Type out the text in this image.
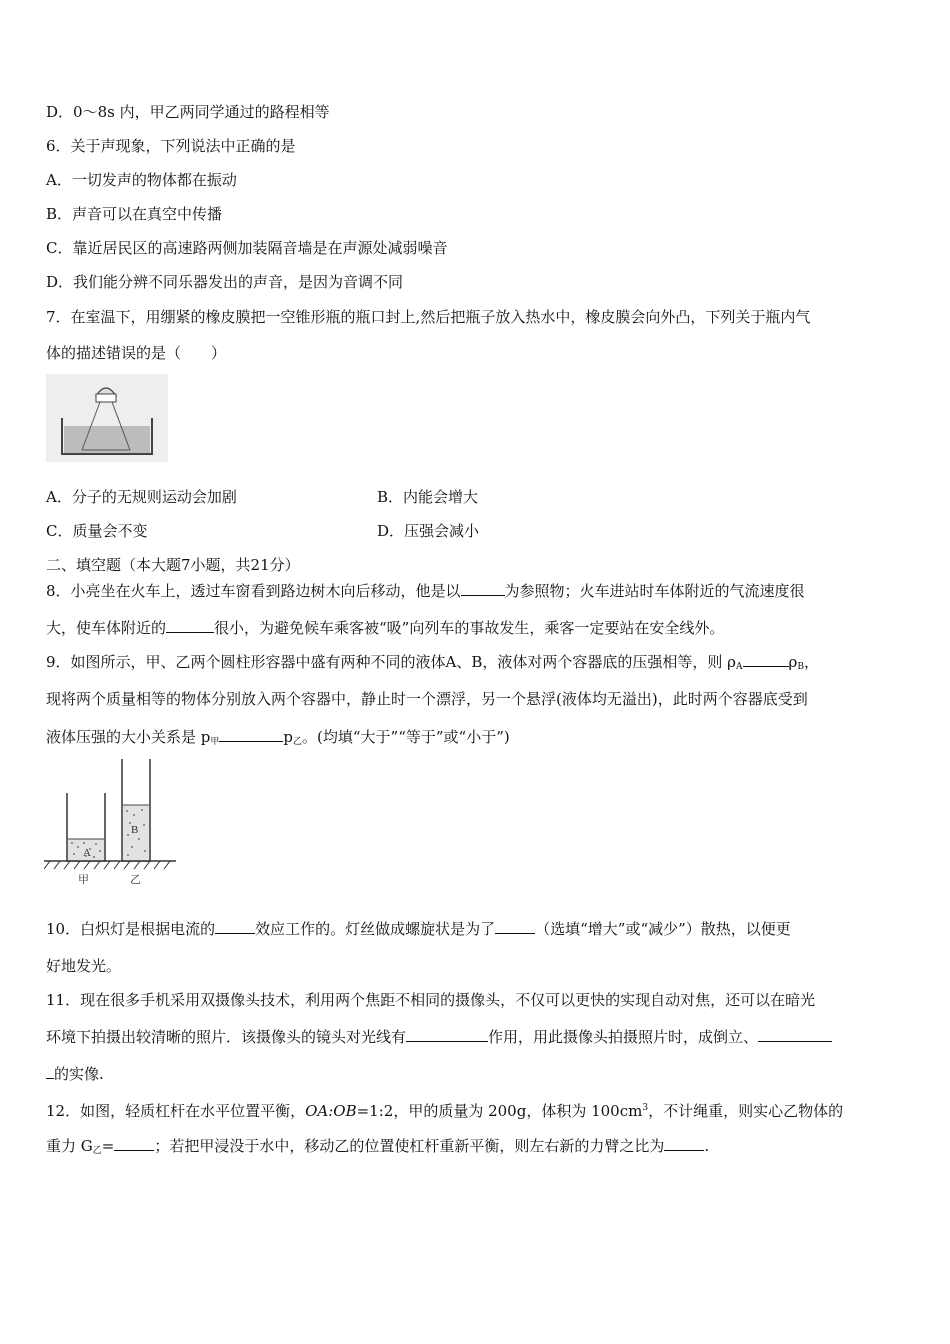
D．0～8s 内，甲乙两同学通过的路程相等
6．关于声现象，下列说法中正确的是
A．一切发声的物体都在振动
B．声音可以在真空中传播
C．靠近居民区的高速路两侧加装隔音墙是在声源处减弱噪音
D．我们能分辨不同乐器发出的声音，是因为音调不同
7．在室温下，用绷紧的橡皮膜把一空锥形瓶的瓶口封上,然后把瓶子放入热水中，橡皮膜会向外凸，下列关于瓶内气
体的描述错误的是（　　）
A．分子的无规则运动会加剧	B．内能会增大
C．质量会不变	D．压强会减小
二、填空题（本大题7小题，共21分）
8．小亮坐在火车上，透过车窗看到路边树木向后移动，他是以	为参照物；火车进站时车体附近的气流速度很
大，使车体附近的	很小，为避免候车乘客被“吸”向列车的事故发生，乘客一定要站在安全线外。
9．如图所示，甲、乙两个圆柱形容器中盛有两种不同的液体A、B，液体对两个容器底的压强相等，则 $\rho_A$	$\rho_B$，
现将两个质量相等的物体分别放入两个容器中，静止时一个漂浮，另一个悬浮(液体均无溢出)，此时两个容器底受到
液体压强的大小关系是 $p_甲$	$p_乙$。(均填“大于”“等于”或“小于”)
A
B
甲	乙
10．白炽灯是根据电流的	效应工作的。灯丝做成螺旋状是为了	（选填“增大”或“减少”）散热，以便更
好地发光。
11．现在很多手机采用双摄像头技术，利用两个焦距不相同的摄像头，不仅可以更快的实现自动对焦，还可以在暗光
环境下拍摄出较清晰的照片．该摄像头的镜头对光线有	作用，用此摄像头拍摄照片时，成倒立、
的实像.
12．如图，轻质杠杆在水平位置平衡，OA:OB=1:2，甲的质量为 200g，体积为 $100cm^3$，不计绳重，则实心乙物体的
重力 $G_乙=$	；若把甲浸没于水中，移动乙的位置使杠杆重新平衡，则左右新的力臂之比为	.
